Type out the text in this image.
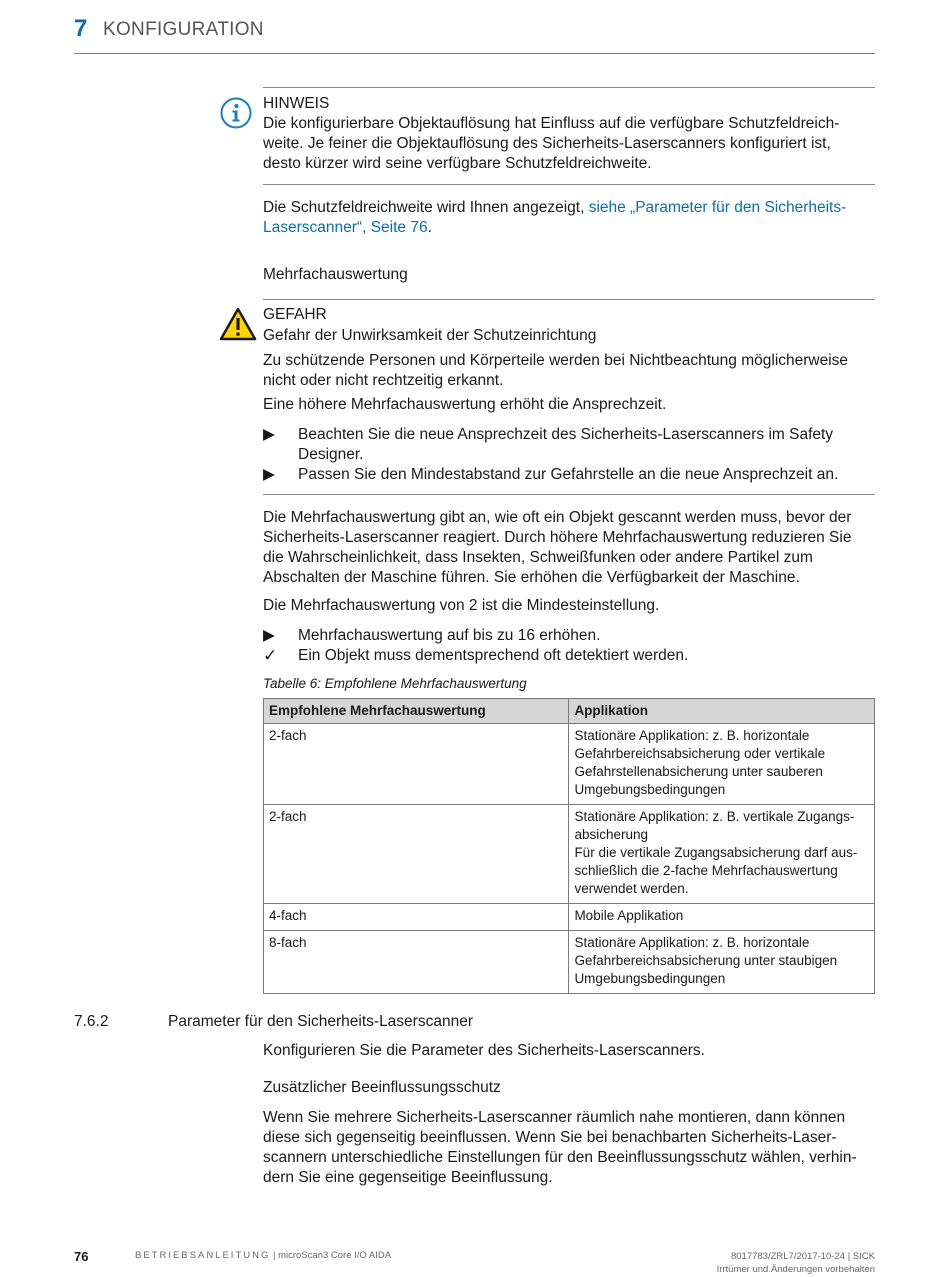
7 KONFIGURATION
HINWEIS
Die konfigurierbare Objektauflösung hat Einfluss auf die verfügbare Schutzfeldreich-weite. Je feiner die Objektauflösung des Sicherheits-Laserscanners konfiguriert ist, desto kürzer wird seine verfügbare Schutzfeldreichweite.
Die Schutzfeldreichweite wird Ihnen angezeigt, siehe „Parameter für den Sicherheits-Laserscanner“, Seite 76.
Mehrfachauswertung
GEFAHR
Gefahr der Unwirksamkeit der Schutzeinrichtung
Zu schützende Personen und Körperteile werden bei Nichtbeachtung möglicherweise nicht oder nicht rechtzeitig erkannt.
Eine höhere Mehrfachauswertung erhöht die Ansprechzeit.
▶	Beachten Sie die neue Ansprechzeit des Sicherheits-Laserscanners im Safety Designer.
▶	Passen Sie den Mindestabstand zur Gefahrstelle an die neue Ansprechzeit an.
Die Mehrfachauswertung gibt an, wie oft ein Objekt gescannt werden muss, bevor der Sicherheits-Laserscanner reagiert. Durch höhere Mehrfachauswertung reduzieren Sie die Wahrscheinlichkeit, dass Insekten, Schweißfunken oder andere Partikel zum Abschalten der Maschine führen. Sie erhöhen die Verfügbarkeit der Maschine.
Die Mehrfachauswertung von 2 ist die Mindesteinstellung.
▶	Mehrfachauswertung auf bis zu 16 erhöhen.
✓	Ein Objekt muss dementsprechend oft detektiert werden.
Tabelle 6: Empfohlene Mehrfachauswertung
Empfohlene Mehrfachauswertung	Applikation
2-fach	Stationäre Applikation: z. B. horizontale Gefahrbereichsabsicherung oder vertikale Gefahrstellenabsicherung unter sauberen Umgebungsbedingungen
2-fach	Stationäre Applikation: z. B. vertikale Zugangs-absicherung
Für die vertikale Zugangsabsicherung darf aus-schließlich die 2-fache Mehrfachauswertung verwendet werden.

4-fach	Mobile Applikation
8-fach	Stationäre Applikation: z. B. horizontale Gefahrbereichsabsicherung unter staubigen Umgebungsbedingungen
7.6.2	Parameter für den Sicherheits-Laserscanner
Konfigurieren Sie die Parameter des Sicherheits-Laserscanners.
Zusätzlicher Beeinflussungsschutz
Wenn Sie mehrere Sicherheits-Laserscanner räumlich nahe montieren, dann können diese sich gegenseitig beeinflussen. Wenn Sie bei benachbarten Sicherheits-Laser-scannern unterschiedliche Einstellungen für den Beeinflussungsschutz wählen, verhin-dern Sie eine gegenseitige Beeinflussung.
76	BETRIEBSANLEITUNG | microScan3 Core I/O AIDA	8017783/ZRL7/2017-10-24 | SICK
Irrtümer und Änderungen vorbehalten
